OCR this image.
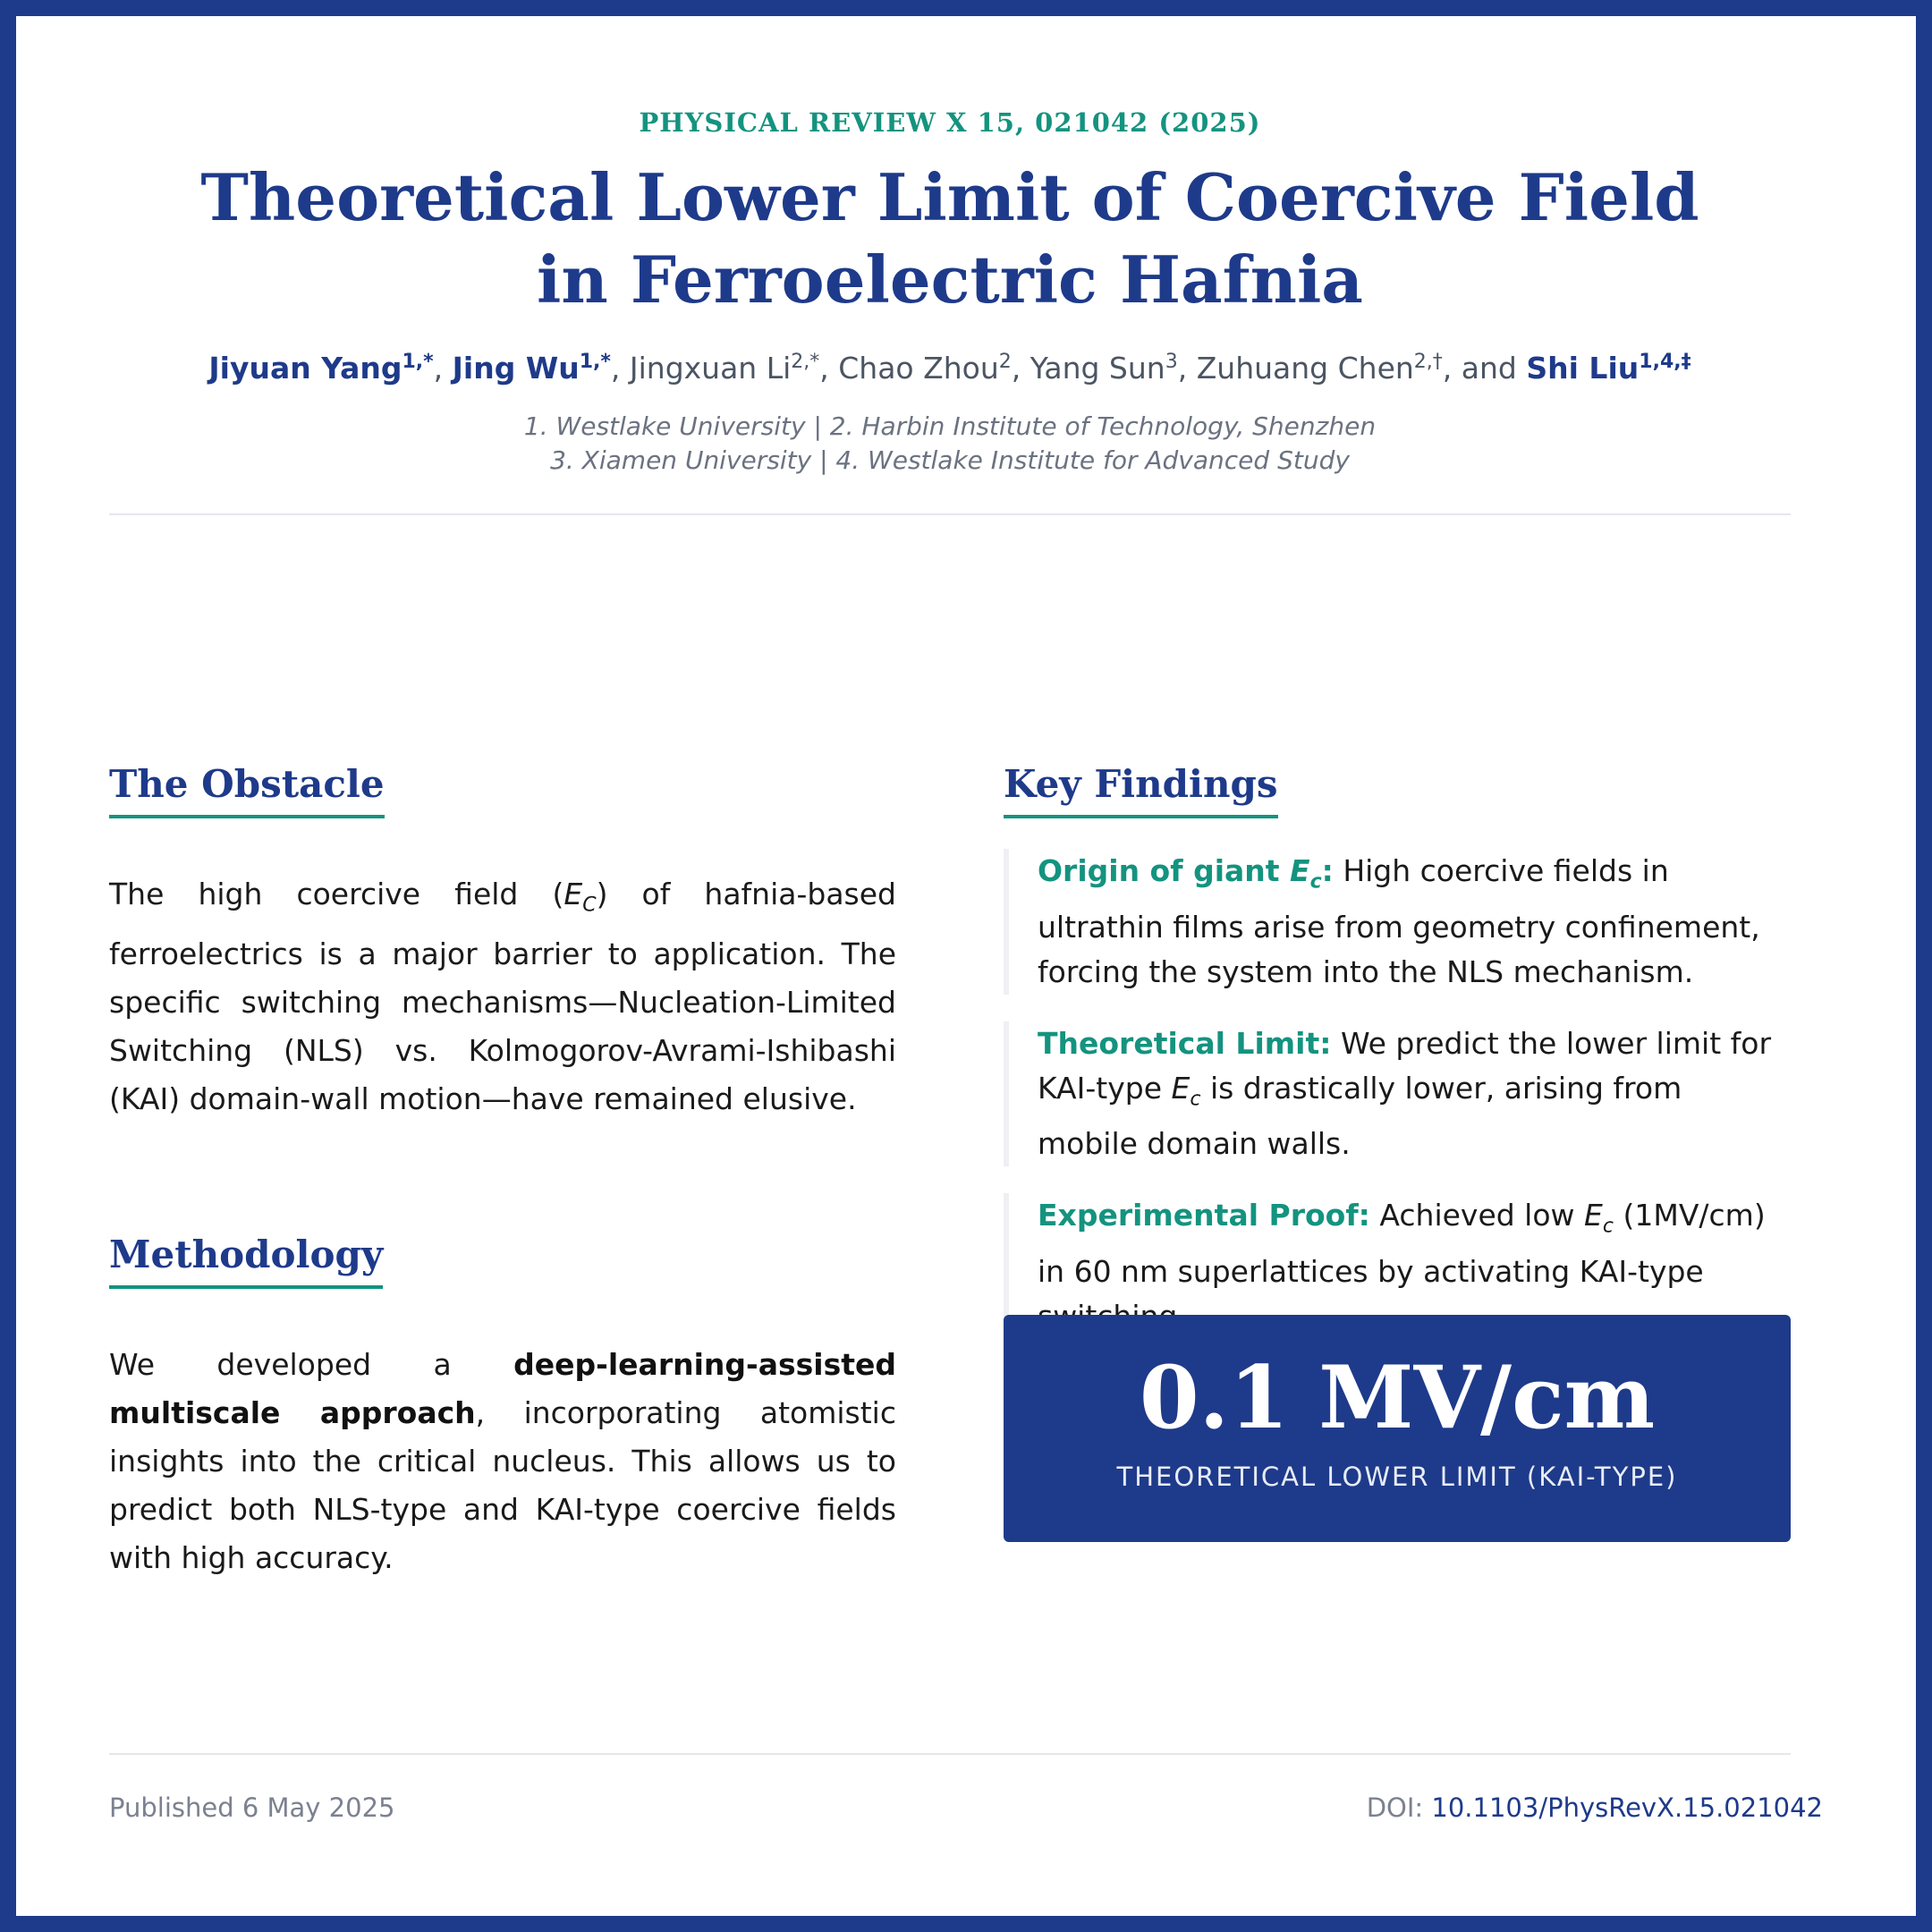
PHYSICAL REVIEW X 15, 021042 (2025)
Theoretical Lower Limit of Coercive Field in Ferroelectric Hafnia
Jiyuan Yang$^{1,*}$, Jing $Wu^{1,*}$, Jingxuan $Li^{2,*}$, Chao Zhou$^2$, Yang Sun$^3$, Zuhuang Chen$^{2,\dagger}$, and Shi Liu$^{1,4,\ddagger}$
1. Westlake University | 2. Harbin Institute of Technology, Shenzhen
3. Xiamen University | 4. Westlake Institute for Advanced Study
The Obstacle
The high coercive field $(E_C)$ of hafnia-based ferroelectrics is a major barrier to application. The specific switching mechanisms—Nucleation-Limited Switching (NLS) vs. Kolmogorov-Avrami-Ishibashi (KAI) domain-wall motion—have remained elusive.
Methodology
We developed a deep-learning-assisted multiscale approach, incorporating atomistic insights into the critical nucleus. This allows us to predict both NLS-type and KAI-type coercive fields with high accuracy.
Key Findings
Origin of giant $E_c$: High coercive fields in ultrathin films arise from geometry confinement, forcing the system into the NLS mechanism.
Theoretical Limit: We predict the lower limit for KAI-type $E_c$ is drastically lower, arising from mobile domain walls.
Experimental Proof: Achieved low $E_c$ (1MV/cm) in 60 nm superlattices by activating KAI-type
0.1 MV/cm
THEORETICAL LOWER LIMIT (KAI-TYPE)
Published 6 May 2025	DOI: 10.1103/PhysRevX.15.021042
